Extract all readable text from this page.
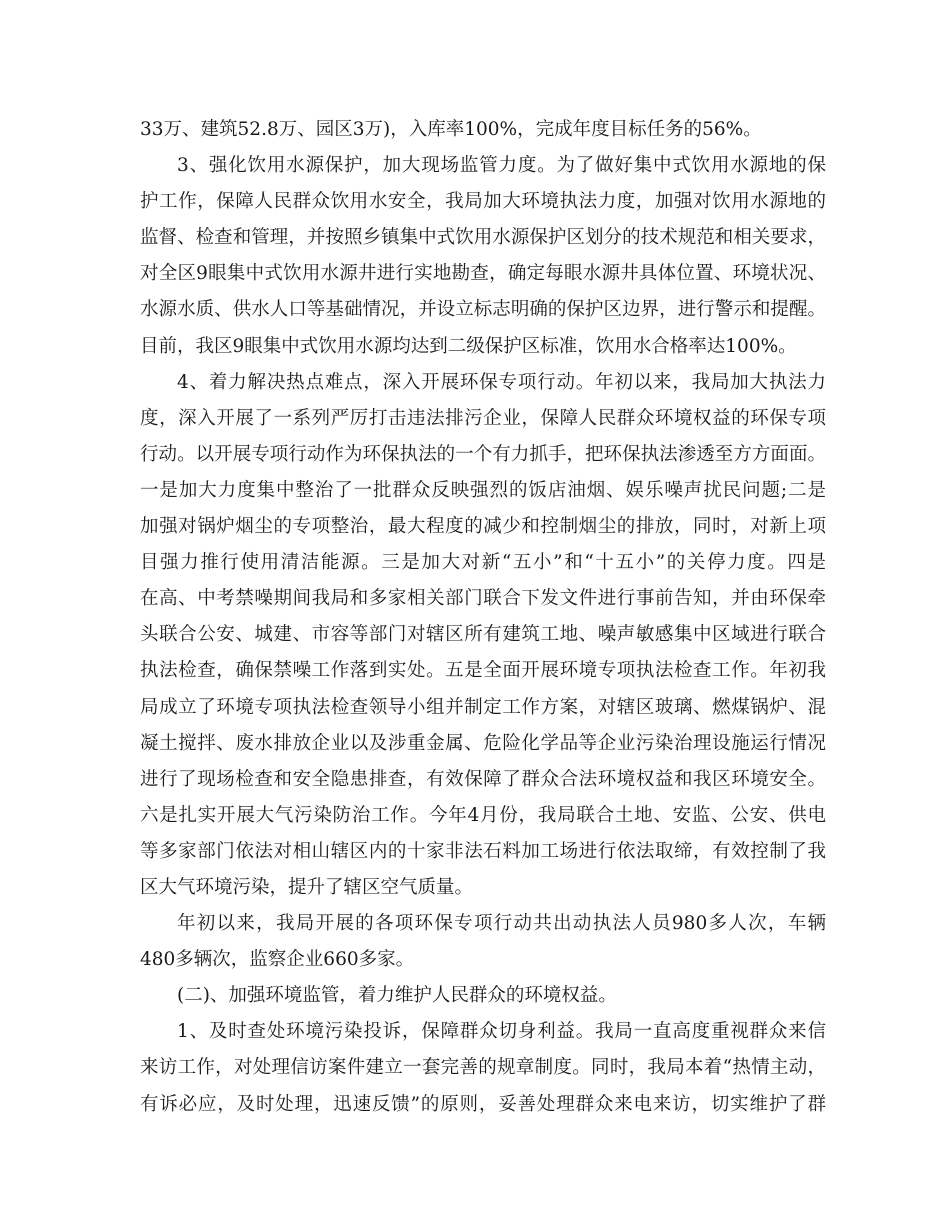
33万、建筑52.8万、园区3万)，入库率100%，完成年度目标任务的56%。
3、强化饮用水源保护，加大现场监管力度。为了做好集中式饮用水源地的保
护工作，保障人民群众饮用水安全，我局加大环境执法力度，加强对饮用水源地的
监督、检查和管理，并按照乡镇集中式饮用水源保护区划分的技术规范和相关要求，
对全区9眼集中式饮用水源井进行实地勘查，确定每眼水源井具体位置、环境状况、
水源水质、供水人口等基础情况，并设立标志明确的保护区边界，进行警示和提醒。
目前，我区9眼集中式饮用水源均达到二级保护区标准，饮用水合格率达100%。
4、着力解决热点难点，深入开展环保专项行动。年初以来，我局加大执法力
度，深入开展了一系列严厉打击违法排污企业，保障人民群众环境权益的环保专项
行动。以开展专项行动作为环保执法的一个有力抓手，把环保执法渗透至方方面面。
一是加大力度集中整治了一批群众反映强烈的饭店油烟、娱乐噪声扰民问题;二是
加强对锅炉烟尘的专项整治，最大程度的减少和控制烟尘的排放，同时，对新上项
目强力推行使用清洁能源。三是加大对新“五小”和“十五小”的关停力度。四是
在高、中考禁噪期间我局和多家相关部门联合下发文件进行事前告知，并由环保牵
头联合公安、城建、市容等部门对辖区所有建筑工地、噪声敏感集中区域进行联合
执法检查，确保禁噪工作落到实处。五是全面开展环境专项执法检查工作。年初我
局成立了环境专项执法检查领导小组并制定工作方案，对辖区玻璃、燃煤锅炉、混
凝土搅拌、废水排放企业以及涉重金属、危险化学品等企业污染治理设施运行情况
进行了现场检查和安全隐患排查，有效保障了群众合法环境权益和我区环境安全。
六是扎实开展大气污染防治工作。今年4月份，我局联合土地、安监、公安、供电
等多家部门依法对相山辖区内的十家非法石料加工场进行依法取缔，有效控制了我
区大气环境污染，提升了辖区空气质量。
年初以来，我局开展的各项环保专项行动共出动执法人员980多人次，车辆
480多辆次，监察企业660多家。
(二)、加强环境监管，着力维护人民群众的环境权益。
1、及时查处环境污染投诉，保障群众切身利益。我局一直高度重视群众来信
来访工作，对处理信访案件建立一套完善的规章制度。同时，我局本着“热情主动，
有诉必应，及时处理，迅速反馈”的原则，妥善处理群众来电来访，切实维护了群
